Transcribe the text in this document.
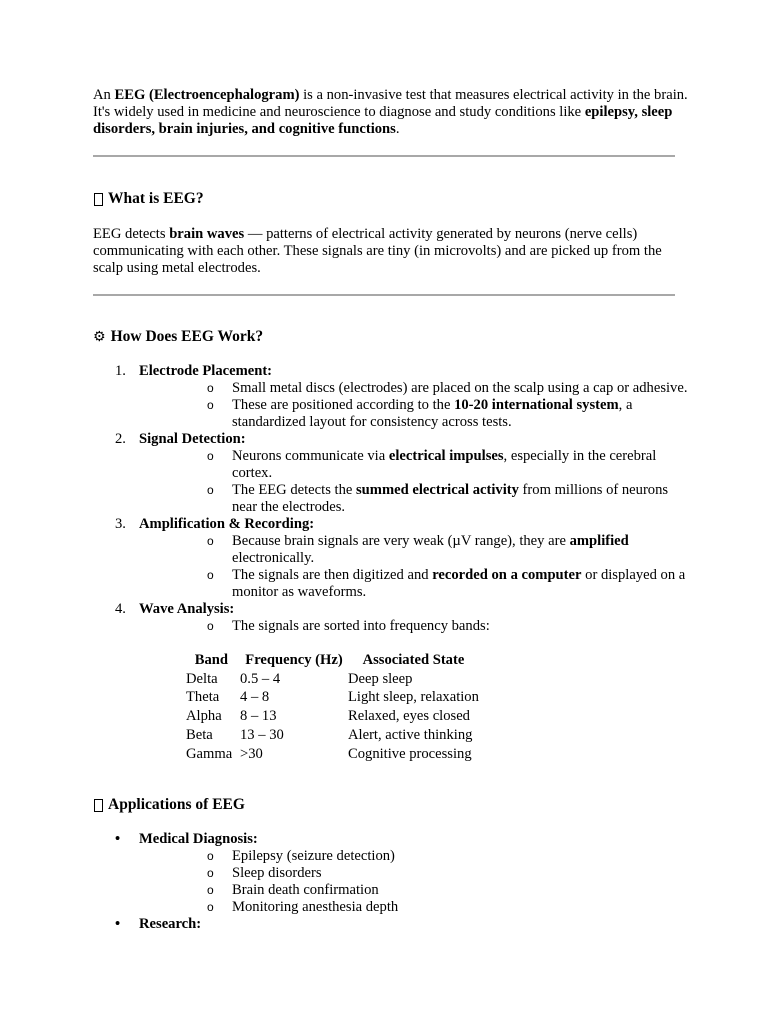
An EEG (Electroencephalogram) is a non-invasive test that measures electrical activity in the brain. It's widely used in medicine and neuroscience to diagnose and study conditions like epilepsy, sleep disorders, brain injuries, and cognitive functions.

What is EEG?

EEG detects brain waves — patterns of electrical activity generated by neurons (nerve cells) communicating with each other. These signals are tiny (in microvolts) and are picked up from the scalp using metal electrodes.

⚙ How Does EEG Work?
1. Electrode Placement:
o Small metal discs (electrodes) are placed on the scalp using a cap or adhesive.
o These are positioned according to the 10-20 international system, a standardized layout for consistency across tests.
2. Signal Detection:
o Neurons communicate via electrical impulses, especially in the cerebral cortex.
o The EEG detects the summed electrical activity from millions of neurons near the electrodes.
3. Amplification & Recording:
o Because brain signals are very weak (µV range), they are amplified electronically.
o The signals are then digitized and recorded on a computer or displayed on a monitor as waveforms.
4. Wave Analysis:
o The signals are sorted into frequency bands:
Band	Frequency (Hz)	Associated State
Delta	0.5 – 4	Deep sleep
Theta	4 – 8	Light sleep, relaxation
Alpha	8 – 13	Relaxed, eyes closed
Beta	13 – 30	Alert, active thinking
Gamma	>30	Cognitive processing
Applications of EEG
• Medical Diagnosis:
o Epilepsy (seizure detection)
o Sleep disorders
o Brain death confirmation
o Monitoring anesthesia depth
• Research:
